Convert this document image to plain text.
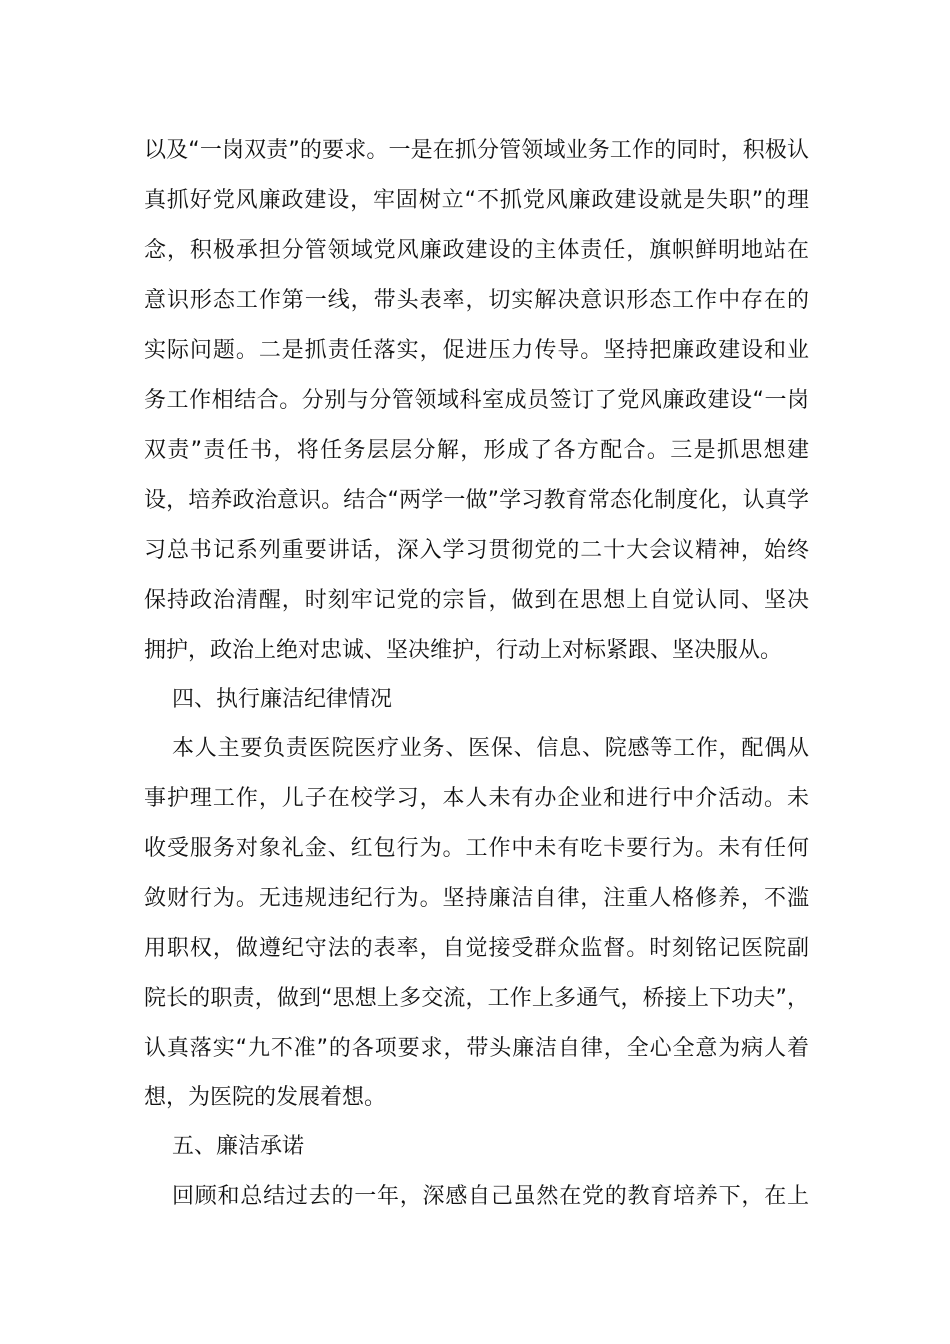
以及“一岗双责”的要求。一是在抓分管领域业务工作的同时，积极认
真抓好党风廉政建设，牢固树立“不抓党风廉政建设就是失职”的理
念，积极承担分管领域党风廉政建设的主体责任，旗帜鲜明地站在
意识形态工作第一线，带头表率，切实解决意识形态工作中存在的
实际问题。二是抓责任落实，促进压力传导。坚持把廉政建设和业
务工作相结合。分别与分管领域科室成员签订了党风廉政建设“一岗
双责”责任书，将任务层层分解，形成了各方配合。三是抓思想建
设，培养政治意识。结合“两学一做”学习教育常态化制度化，认真学
习总书记系列重要讲话，深入学习贯彻党的二十大会议精神，始终
保持政治清醒，时刻牢记党的宗旨，做到在思想上自觉认同、坚决
拥护，政治上绝对忠诚、坚决维护，行动上对标紧跟、坚决服从。
四、执行廉洁纪律情况
本人主要负责医院医疗业务、医保、信息、院感等工作，配偶从
事护理工作，儿子在校学习，本人未有办企业和进行中介活动。未
收受服务对象礼金、红包行为。工作中未有吃卡要行为。未有任何
敛财行为。无违规违纪行为。坚持廉洁自律，注重人格修养，不滥
用职权，做遵纪守法的表率，自觉接受群众监督。时刻铭记医院副
院长的职责，做到“思想上多交流，工作上多通气，桥接上下功夫”，
认真落实“九不准”的各项要求，带头廉洁自律，全心全意为病人着
想，为医院的发展着想。
五、廉洁承诺
回顾和总结过去的一年，深感自己虽然在党的教育培养下，在上
